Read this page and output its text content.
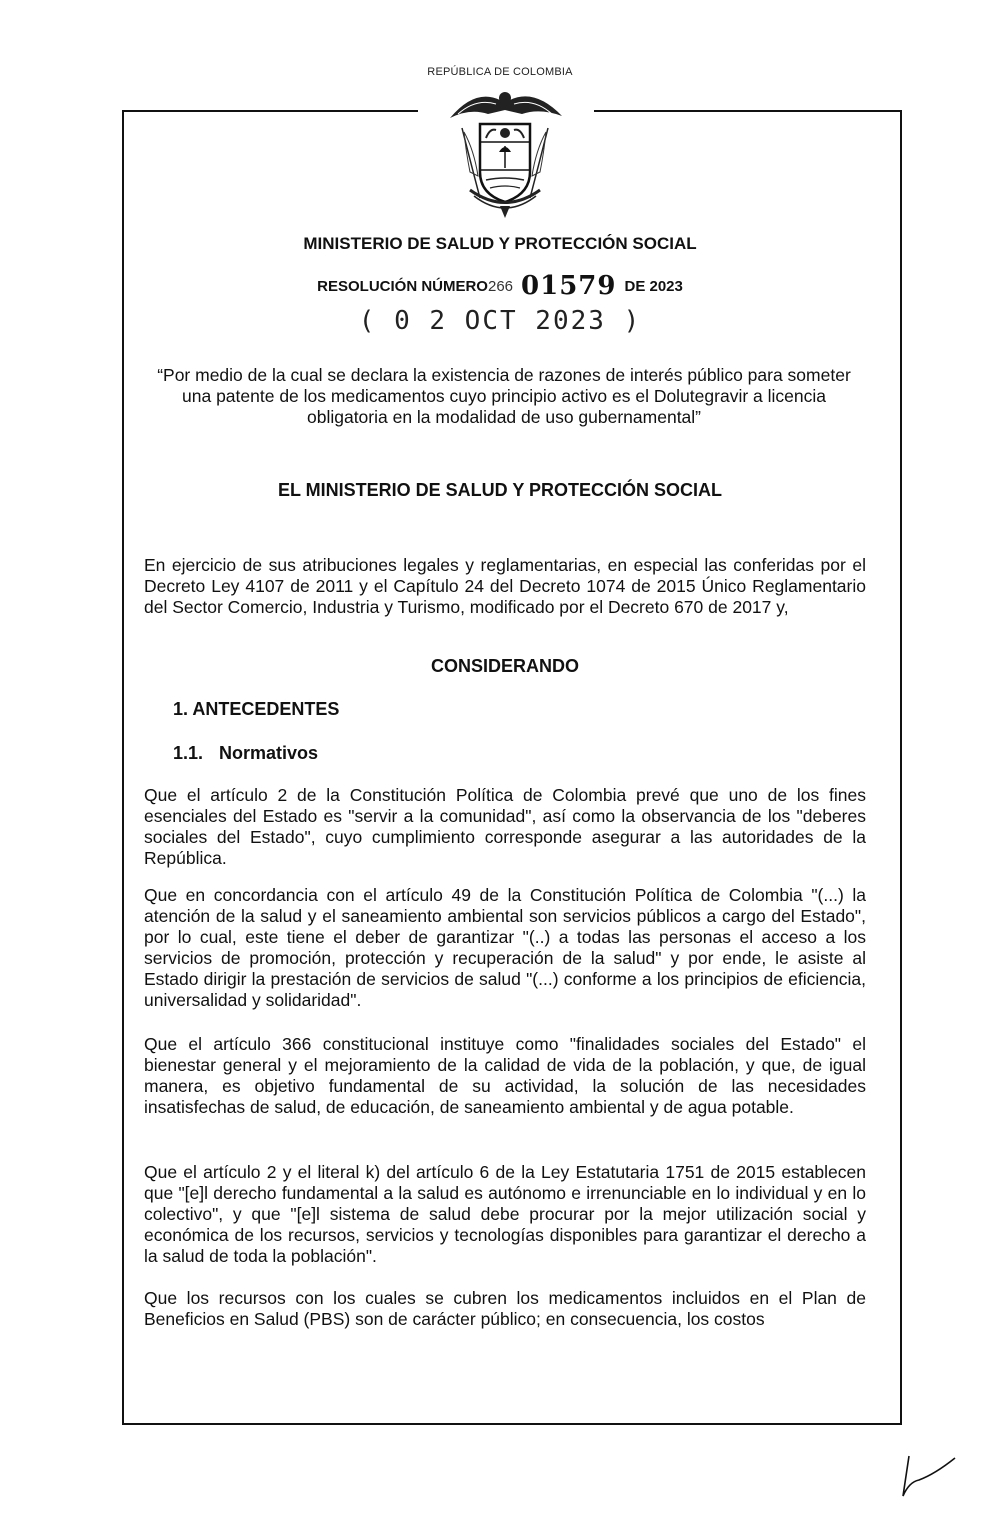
REPÚBLICA DE COLOMBIA
MINISTERIO DE SALUD Y PROTECCIÓN SOCIAL
RESOLUCIÓN NÚMERO266 01579 DE 2023
( 0 2 OCT 2023 )
“Por medio de la cual se declara la existencia de razones de interés público para someter una patente de los medicamentos cuyo principio activo es el Dolutegravir a licencia obligatoria en la modalidad de uso gubernamental”
EL MINISTERIO DE SALUD Y PROTECCIÓN SOCIAL

En ejercicio de sus atribuciones legales y reglamentarias, en especial las conferidas por el Decreto Ley 4107 de 2011 y el Capítulo 24 del Decreto 1074 de 2015 Único Reglamentario del Sector Comercio, Industria y Turismo, modificado por el Decreto 670 de 2017 y,

CONSIDERANDO
1. ANTECEDENTES
1.1. Normativos

Que el artículo 2 de la Constitución Política de Colombia prevé que uno de los fines esenciales del Estado es "servir a la comunidad", así como la observancia de los "deberes sociales del Estado", cuyo cumplimiento corresponde asegurar a las autoridades de la República.

Que en concordancia con el artículo 49 de la Constitución Política de Colombia "(...) la atención de la salud y el saneamiento ambiental son servicios públicos a cargo del Estado", por lo cual, este tiene el deber de garantizar "(..) a todas las personas el acceso a los servicios de promoción, protección y recuperación de la salud" y por ende, le asiste al Estado dirigir la prestación de servicios de salud "(...) conforme a los principios de eficiencia, universalidad y solidaridad".

Que el artículo 366 constitucional instituye como "finalidades sociales del Estado" el bienestar general y el mejoramiento de la calidad de vida de la población, y que, de igual manera, es objetivo fundamental de su actividad, la solución de las necesidades insatisfechas de salud, de educación, de saneamiento ambiental y de agua potable.

Que el artículo 2 y el literal k) del artículo 6 de la Ley Estatutaria 1751 de 2015 establecen que "[e]l derecho fundamental a la salud es autónomo e irrenunciable en lo individual y en lo colectivo", y que "[e]l sistema de salud debe procurar por la mejor utilización social y económica de los recursos, servicios y tecnologías disponibles para garantizar el derecho a la salud de toda la población".

Que los recursos con los cuales se cubren los medicamentos incluidos en el Plan de Beneficios en Salud (PBS) son de carácter público; en consecuencia, los costos
